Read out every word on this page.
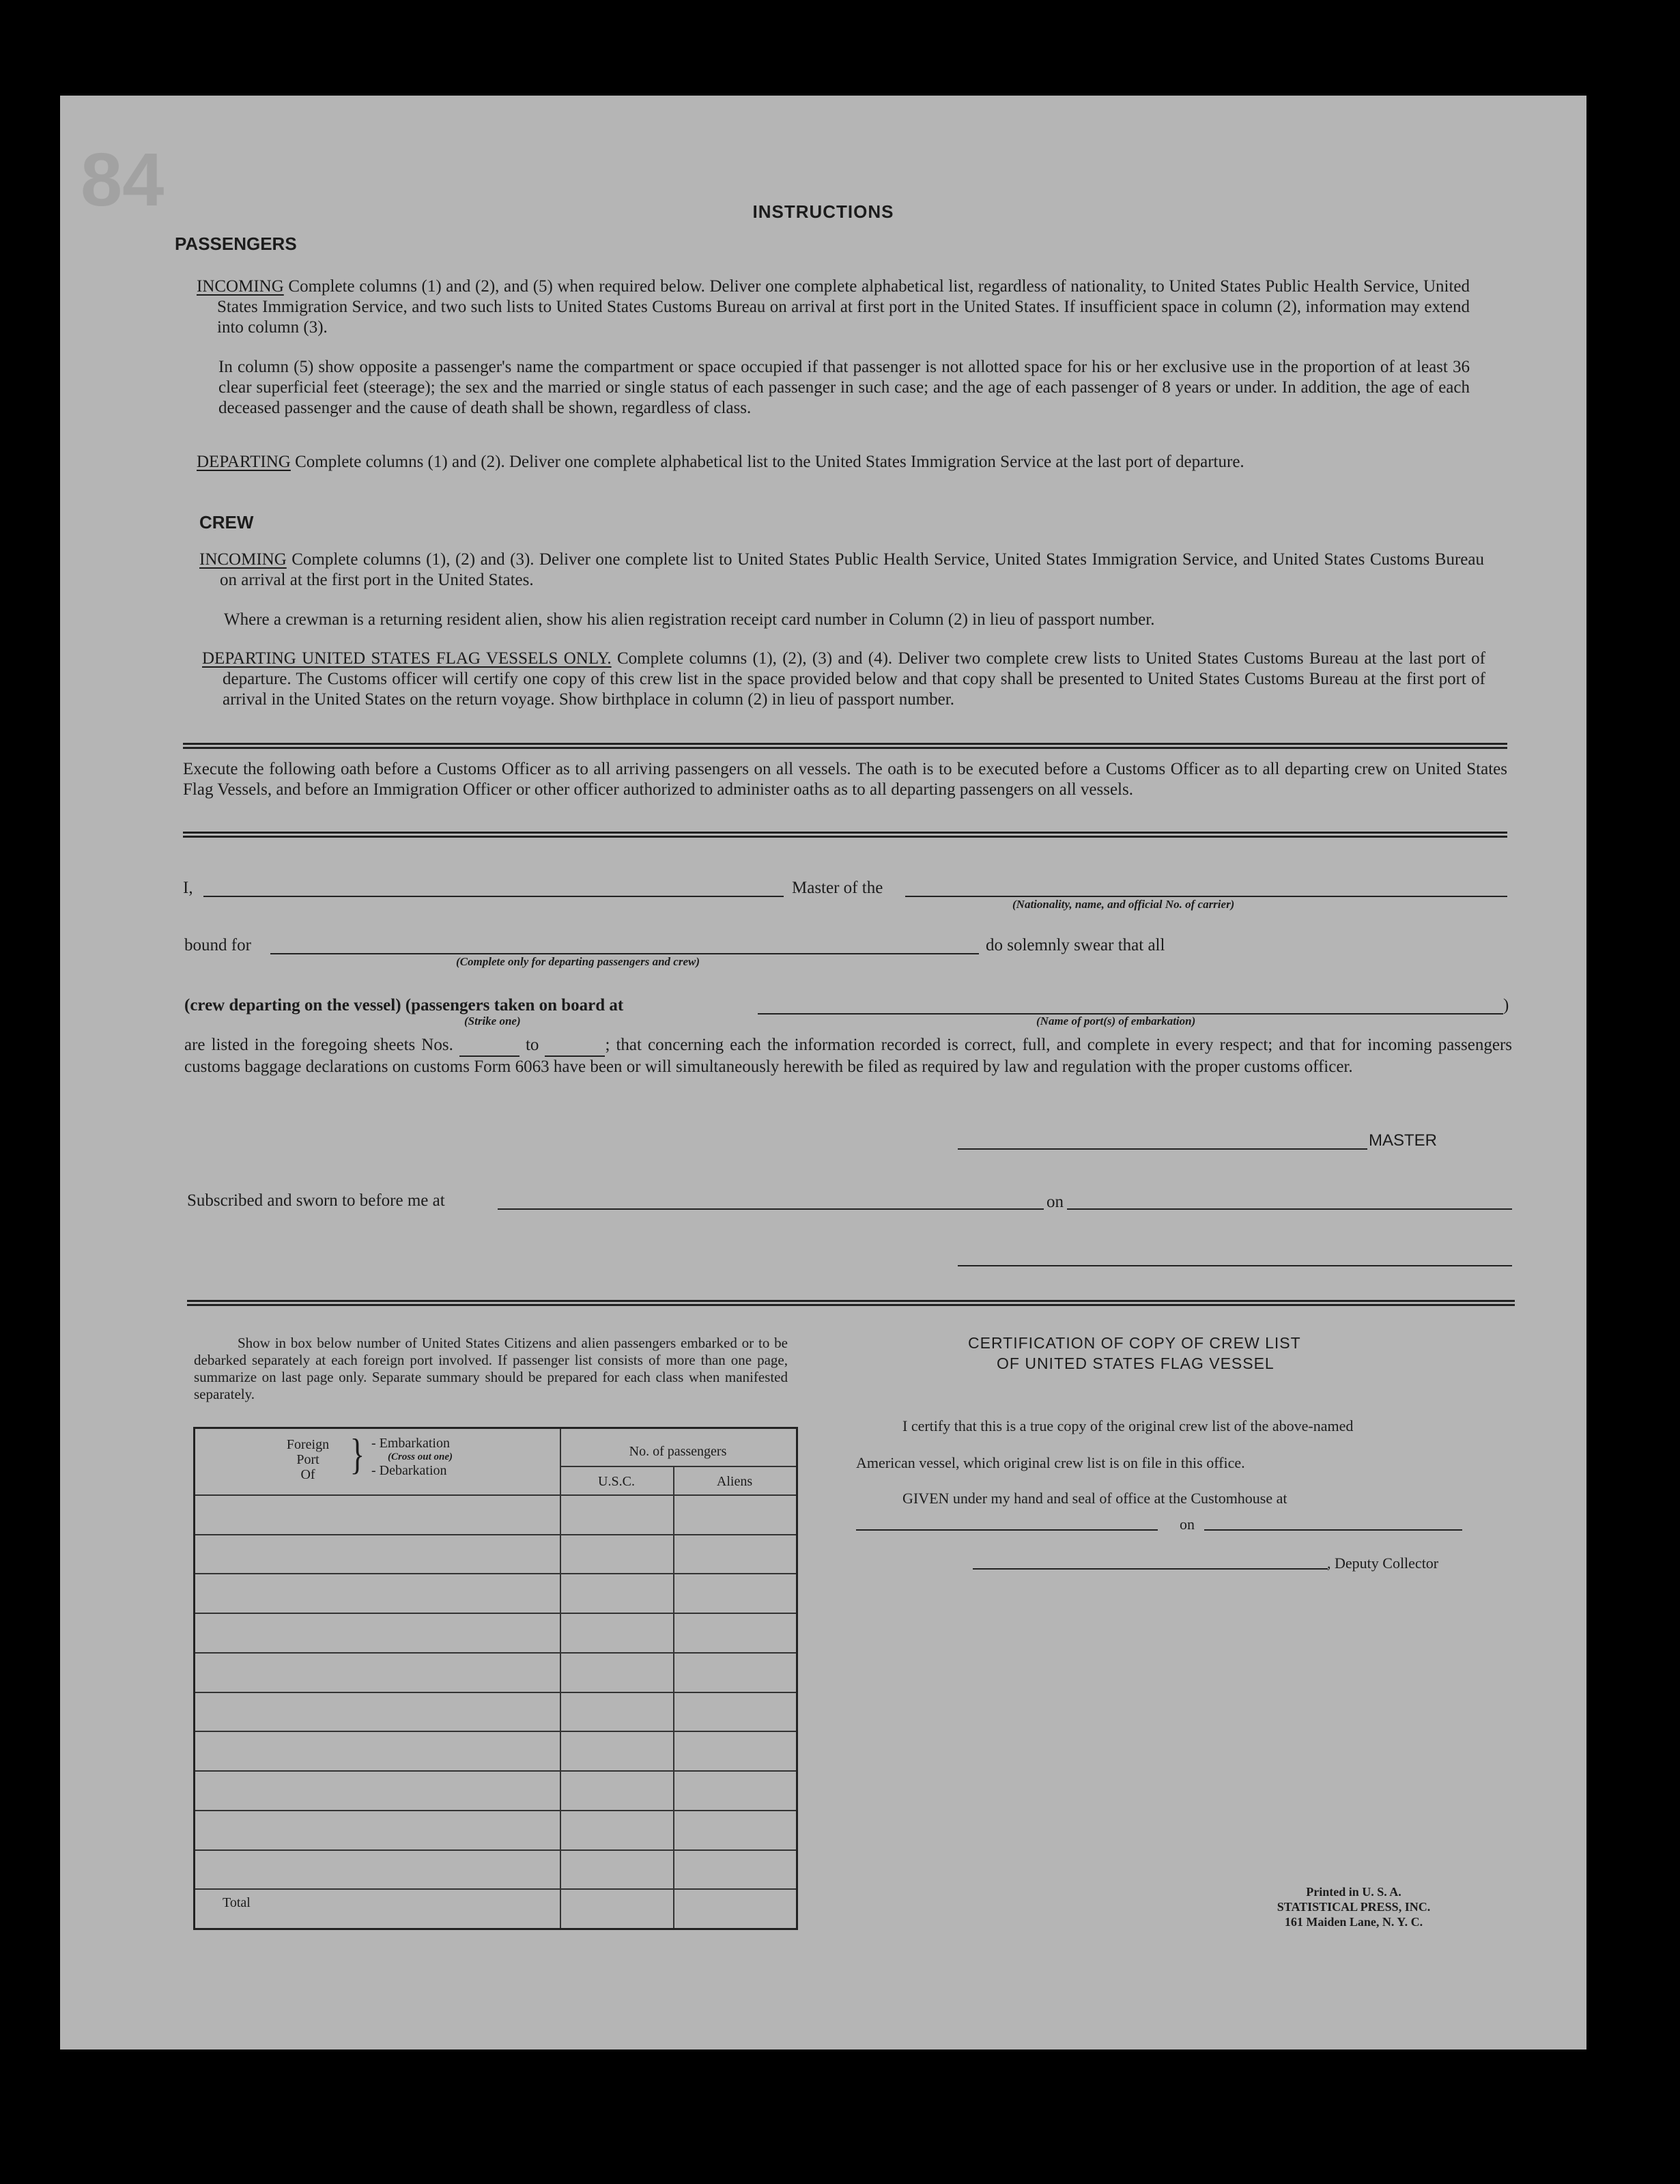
84	INSTRUCTIONS
PASSENGERS
INCOMING Complete columns (1) and (2), and (5) when required below. Deliver one complete alphabetical list, regardless of nationality, to United States Public Health Service, United States Immigration Service, and two such lists to United States Customs Bureau on arrival at first port in the United States. If insufficient space in column (2), information may extend into column (3).
In column (5) show opposite a passenger's name the compartment or space occupied if that passenger is not allotted space for his or her exclusive use in the proportion of at least 36 clear superficial feet (steerage); the sex and the married or single status of each passenger in such case; and the age of each passenger of 8 years or under. In addition, the age of each deceased passenger and the cause of death shall be shown, regardless of class.
DEPARTING Complete columns (1) and (2). Deliver one complete alphabetical list to the United States Immigration Service at the last port of departure.
CREW
INCOMING Complete columns (1), (2) and (3). Deliver one complete list to United States Public Health Service, United States Immigration Service, and United States Customs Bureau on arrival at the first port in the United States.
Where a crewman is a returning resident alien, show his alien registration receipt card number in Column (2) in lieu of passport number.
DEPARTING UNITED STATES FLAG VESSELS ONLY. Complete columns (1), (2), (3) and (4). Deliver two complete crew lists to United States Customs Bureau at the last port of departure. The Customs officer will certify one copy of this crew list in the space provided below and that copy shall be presented to United States Customs Bureau at the first port of arrival in the United States on the return voyage. Show birthplace in column (2) in lieu of passport number.
Execute the following oath before a Customs Officer as to all arriving passengers on all vessels. The oath is to be executed before a Customs Officer as to all departing crew on United States Flag Vessels, and before an Immigration Officer or other officer authorized to administer oaths as to all departing passengers on all vessels.
I,	Master of the
(Nationality, name, and official No. of carrier)
bound for
(Complete only for departing passengers and crew)
do solemnly swear that all
(crew departing on the vessel) (passengers taken on board at	)
(Strike one)	(Name of port(s) of embarkation)
are listed in the foregoing sheets Nos.	to	; that concerning each the information recorded is correct, full, and complete in every respect; and that for incoming passengers customs baggage declarations on customs Form 6063 have been or will simultaneously herewith be filed as required by law and regulation with the proper customs officer.
MASTER
Subscribed and sworn to before me at	on
Show in box below number of United States Citizens and alien passengers embarked or to be debarked separately at each foreign port involved. If passenger list consists of more than one page, summarize on last page only. Separate summary should be prepared for each class when manifested separately.
Foreign
Port
Of } - Embarkation
(Cross out one)
- Debarkation
No. of passengers
U.S.C.	Aliens
Total
CERTIFICATION OF COPY OF CREW LIST
OF UNITED STATES FLAG VESSEL
I certify that this is a true copy of the original crew list of the above-named
American vessel, which original crew list is on file in this office.
GIVEN under my hand and seal of office at the Customhouse at
on
, Deputy Collector
Printed in U. S. A.
STATISTICAL PRESS, INC.
161 Maiden Lane, N. Y. C.
